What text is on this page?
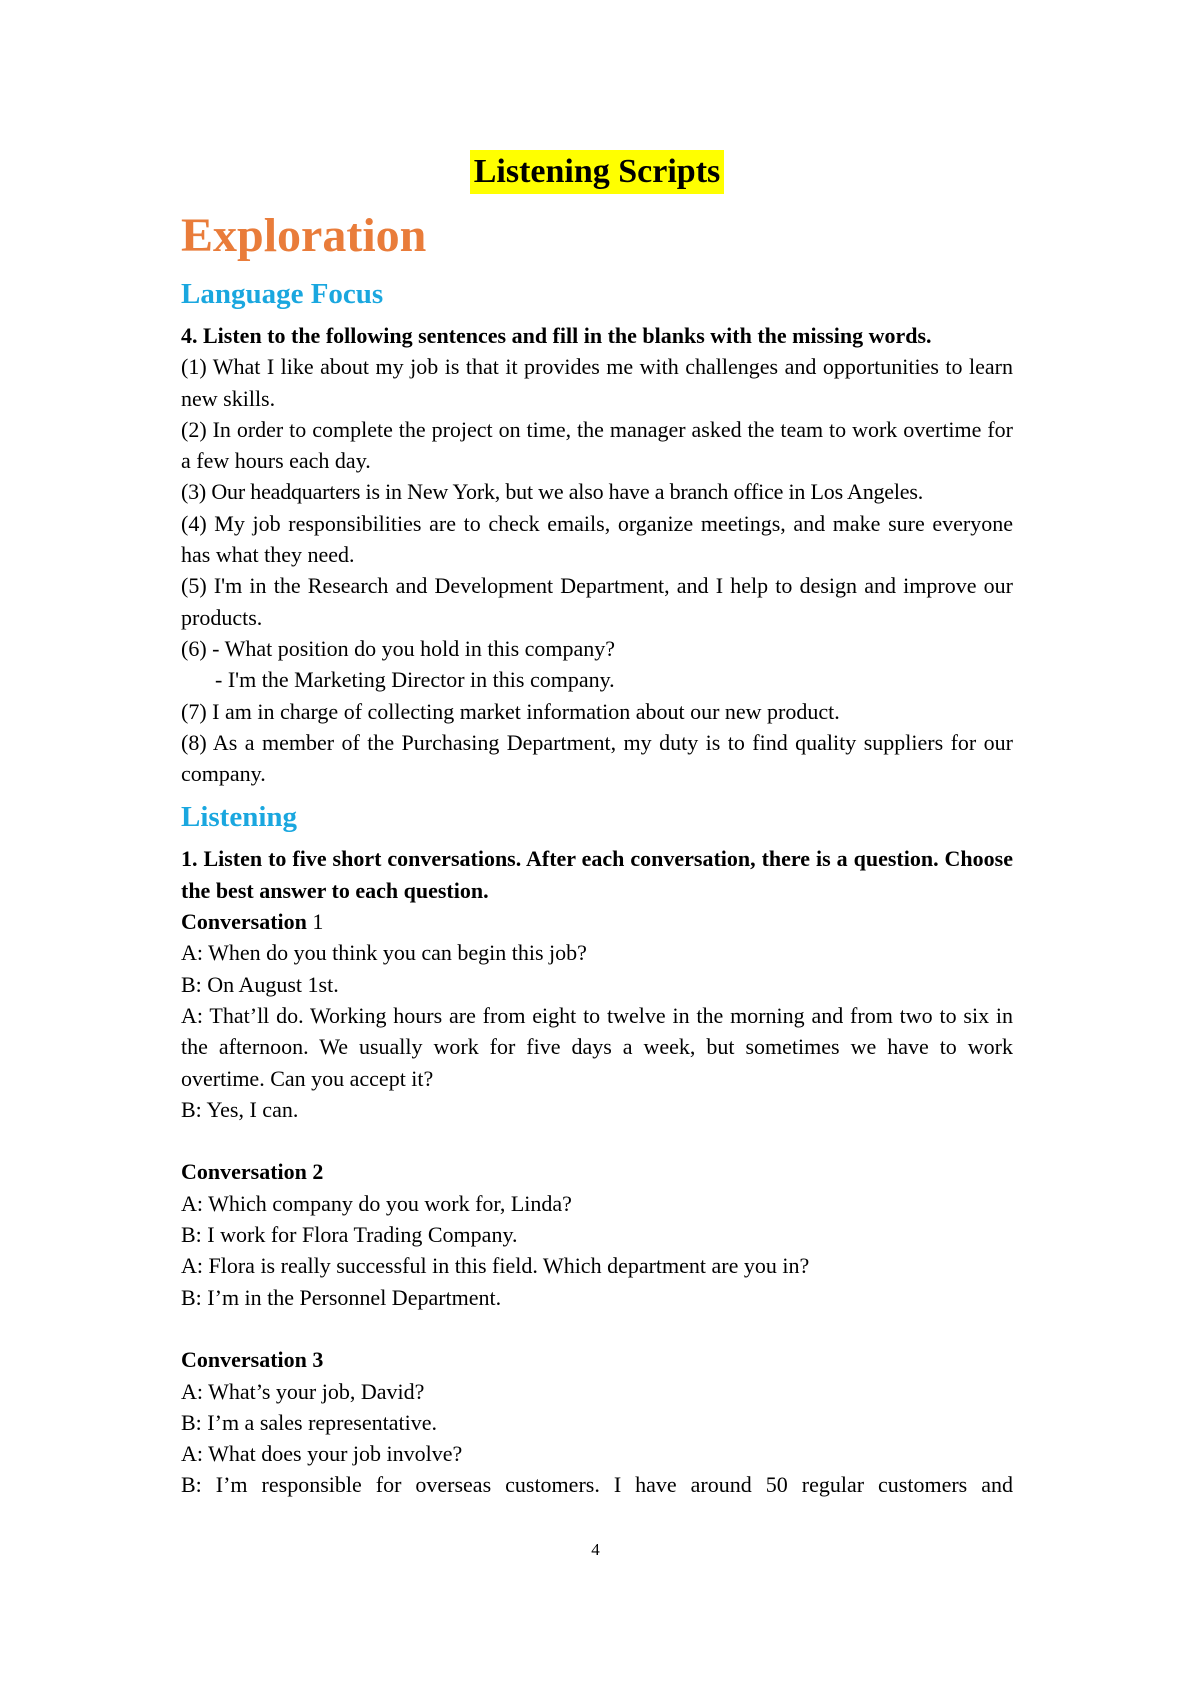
Listening Scripts
Exploration
Language Focus

4. Listen to the following sentences and fill in the blanks with the missing words.

(1) What I like about my job is that it provides me with challenges and opportunities to learn new skills.

(2) In order to complete the project on time, the manager asked the team to work overtime for a few hours each day.

(3) Our headquarters is in New York, but we also have a branch office in Los Angeles.

(4) My job responsibilities are to check emails, organize meetings, and make sure everyone has what they need.

(5) I'm in the Research and Development Department, and I help to design and improve our products.

(6) - What position do you hold in this company?

- I'm the Marketing Director in this company.

(7) I am in charge of collecting market information about our new product.

(8) As a member of the Purchasing Department, my duty is to find quality suppliers for our company.

Listening

1. Listen to five short conversations. After each conversation, there is a question. Choose the best answer to each question.

Conversation 1

A: When do you think you can begin this job?

B: On August 1st.

A: That’ll do. Working hours are from eight to twelve in the morning and from two to six in the afternoon. We usually work for five days a week, but sometimes we have to work overtime. Can you accept it?

B: Yes, I can.

Conversation 2

A: Which company do you work for, Linda?

B: I work for Flora Trading Company.

A: Flora is really successful in this field. Which department are you in?

B: I’m in the Personnel Department.

Conversation 3

A: What’s your job, David?

B: I’m a sales representative.

A: What does your job involve?

B: I’m responsible for overseas customers. I have around 50 regular customers and

4
